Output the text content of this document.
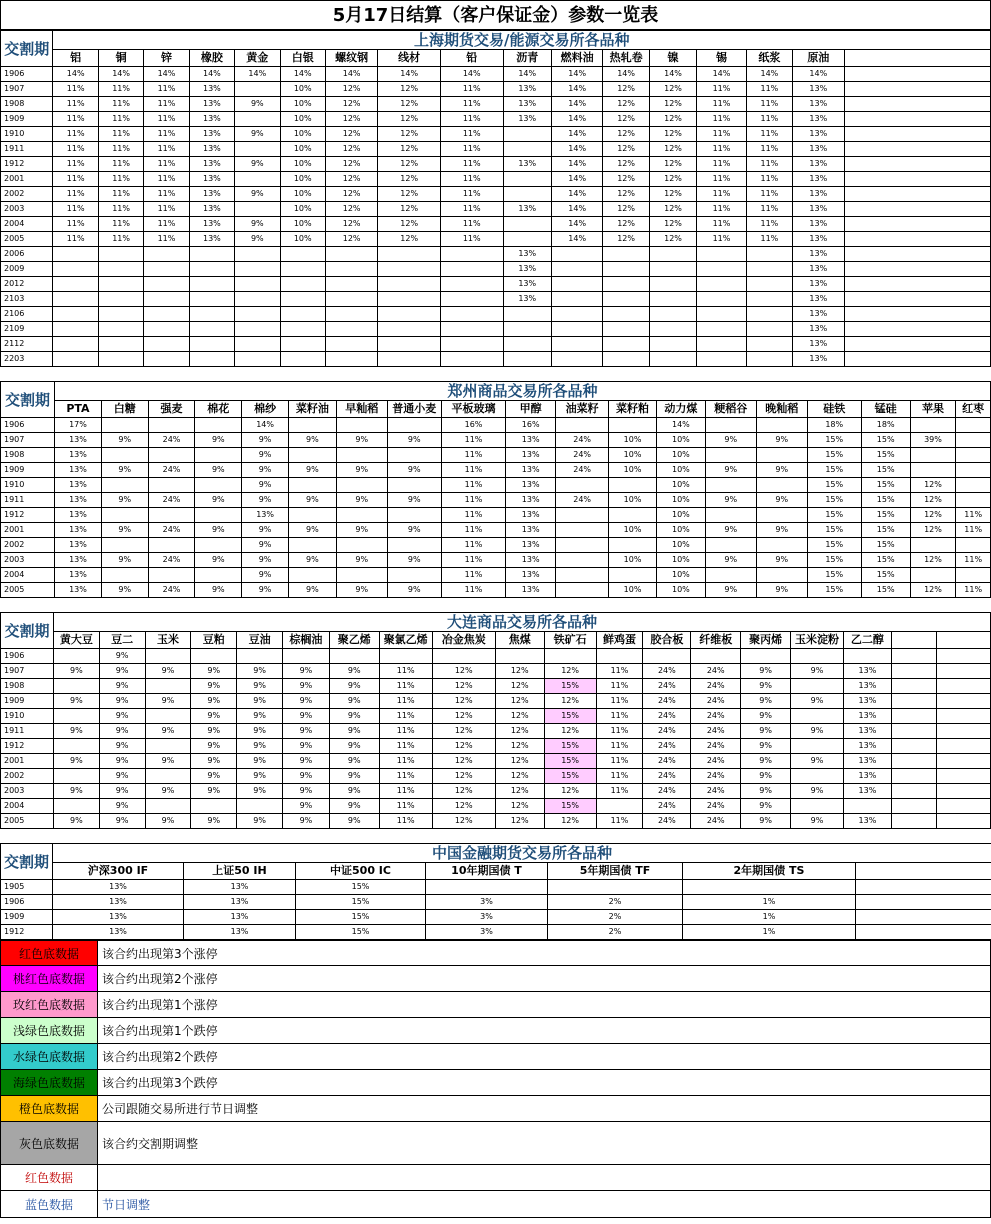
5月17日结算（客户保证金）参数一览表
交割期	上海期货交易/能源交易所各品种																
	铝	铜	锌	橡胶	黄金	白银	螺纹钢	线材	铅	沥青	燃料油	热轧卷	镍	锡	纸浆	原油	
1906	14%	14%	14%	14%	14%	14%	14%	14%	14%	14%	14%	14%	14%	14%	14%	14%	
1907	11%	11%	11%	13%		10%	12%	12%	11%	13%	14%	12%	12%	11%	11%	13%	
1908	11%	11%	11%	13%	9%	10%	12%	12%	11%	13%	14%	12%	12%	11%	11%	13%	
1909	11%	11%	11%	13%		10%	12%	12%	11%	13%	14%	12%	12%	11%	11%	13%	
1910	11%	11%	11%	13%	9%	10%	12%	12%	11%		14%	12%	12%	11%	11%	13%	
1911	11%	11%	11%	13%		10%	12%	12%	11%		14%	12%	12%	11%	11%	13%	
1912	11%	11%	11%	13%	9%	10%	12%	12%	11%	13%	14%	12%	12%	11%	11%	13%	
2001	11%	11%	11%	13%		10%	12%	12%	11%		14%	12%	12%	11%	11%	13%	
2002	11%	11%	11%	13%	9%	10%	12%	12%	11%		14%	12%	12%	11%	11%	13%	
2003	11%	11%	11%	13%		10%	12%	12%	11%	13%	14%	12%	12%	11%	11%	13%	
2004	11%	11%	11%	13%	9%	10%	12%	12%	11%		14%	12%	12%	11%	11%	13%	
2005	11%	11%	11%	13%	9%	10%	12%	12%	11%		14%	12%	12%	11%	11%	13%	
2006										13%						13%	
2009										13%						13%	
2012										13%						13%	
2103										13%						13%	
2106																13%	
2109																13%	
2112																13%	
2203																13%	
交割期	郑州商品交易所各品种																		
	PTA	白糖	强麦	棉花	棉纱	菜籽油	早籼稻	普通小麦	平板玻璃	甲醇	油菜籽	菜籽粕	动力煤	粳稻谷	晚籼稻	硅铁	锰硅	苹果	红枣
1906	17%				14%				16%	16%			14%			18%	18%		
1907	13%	9%	24%	9%	9%	9%	9%	9%	11%	13%	24%	10%	10%	9%	9%	15%	15%	39%	
1908	13%				9%				11%	13%	24%	10%	10%			15%	15%		
1909	13%	9%	24%	9%	9%	9%	9%	9%	11%	13%	24%	10%	10%	9%	9%	15%	15%		
1910	13%				9%				11%	13%			10%			15%	15%	12%	
1911	13%	9%	24%	9%	9%	9%	9%	9%	11%	13%	24%	10%	10%	9%	9%	15%	15%	12%	
1912	13%				13%				11%	13%			10%			15%	15%	12%	11%
2001	13%	9%	24%	9%	9%	9%	9%	9%	11%	13%		10%	10%	9%	9%	15%	15%	12%	11%
2002	13%				9%				11%	13%			10%			15%	15%		
2003	13%	9%	24%	9%	9%	9%	9%	9%	11%	13%		10%	10%	9%	9%	15%	15%	12%	11%
2004	13%				9%				11%	13%			10%			15%	15%		
2005	13%	9%	24%	9%	9%	9%	9%	9%	11%	13%		10%	10%	9%	9%	15%	15%	12%	11%
交割期	大连商品交易所各品种																		
	黄大豆	豆二	玉米	豆粕	豆油	棕榈油	聚乙烯	聚氯乙烯	冶金焦炭	焦煤	铁矿石	鲜鸡蛋	胶合板	纤维板	聚丙烯	玉米淀粉	乙二醇		
1906		9%																	
1907	9%	9%	9%	9%	9%	9%	9%	11%	12%	12%	12%	11%	24%	24%	9%	9%	13%		
1908		9%		9%	9%	9%	9%	11%	12%	12%	15%	11%	24%	24%	9%		13%		
1909	9%	9%	9%	9%	9%	9%	9%	11%	12%	12%	12%	11%	24%	24%	9%	9%	13%		
1910		9%		9%	9%	9%	9%	11%	12%	12%	15%	11%	24%	24%	9%		13%		
1911	9%	9%	9%	9%	9%	9%	9%	11%	12%	12%	12%	11%	24%	24%	9%	9%	13%		
1912		9%		9%	9%	9%	9%	11%	12%	12%	15%	11%	24%	24%	9%		13%		
2001	9%	9%	9%	9%	9%	9%	9%	11%	12%	12%	15%	11%	24%	24%	9%	9%	13%		
2002		9%		9%	9%	9%	9%	11%	12%	12%	15%	11%	24%	24%	9%		13%		
2003	9%	9%	9%	9%	9%	9%	9%	11%	12%	12%	12%	11%	24%	24%	9%	9%	13%		
2004		9%				9%	9%	11%	12%	12%	15%		24%	24%	9%				
2005	9%	9%	9%	9%	9%	9%	9%	11%	12%	12%	12%	11%	24%	24%	9%	9%	13%		
交割期	中国金融期货交易所各品种						
	沪深300 IF	上证50 IH	中证500 IC	10年期国债 T	5年期国债 TF	2年期国债 TS	
1905	13%	13%	15%				
1906	13%	13%	15%	3%	2%	1%	
1909	13%	13%	15%	3%	2%	1%	
1912	13%	13%	15%	3%	2%	1%	
红色底数据	该合约出现第3个涨停
桃红色底数据	该合约出现第2个涨停
玫红色底数据	该合约出现第1个涨停
浅绿色底数据	该合约出现第1个跌停
水绿色底数据	该合约出现第2个跌停
海绿色底数据	该合约出现第3个跌停
橙色底数据	公司跟随交易所进行节日调整
灰色底数据	该合约交割期调整
红色数据	
蓝色数据	节日调整
